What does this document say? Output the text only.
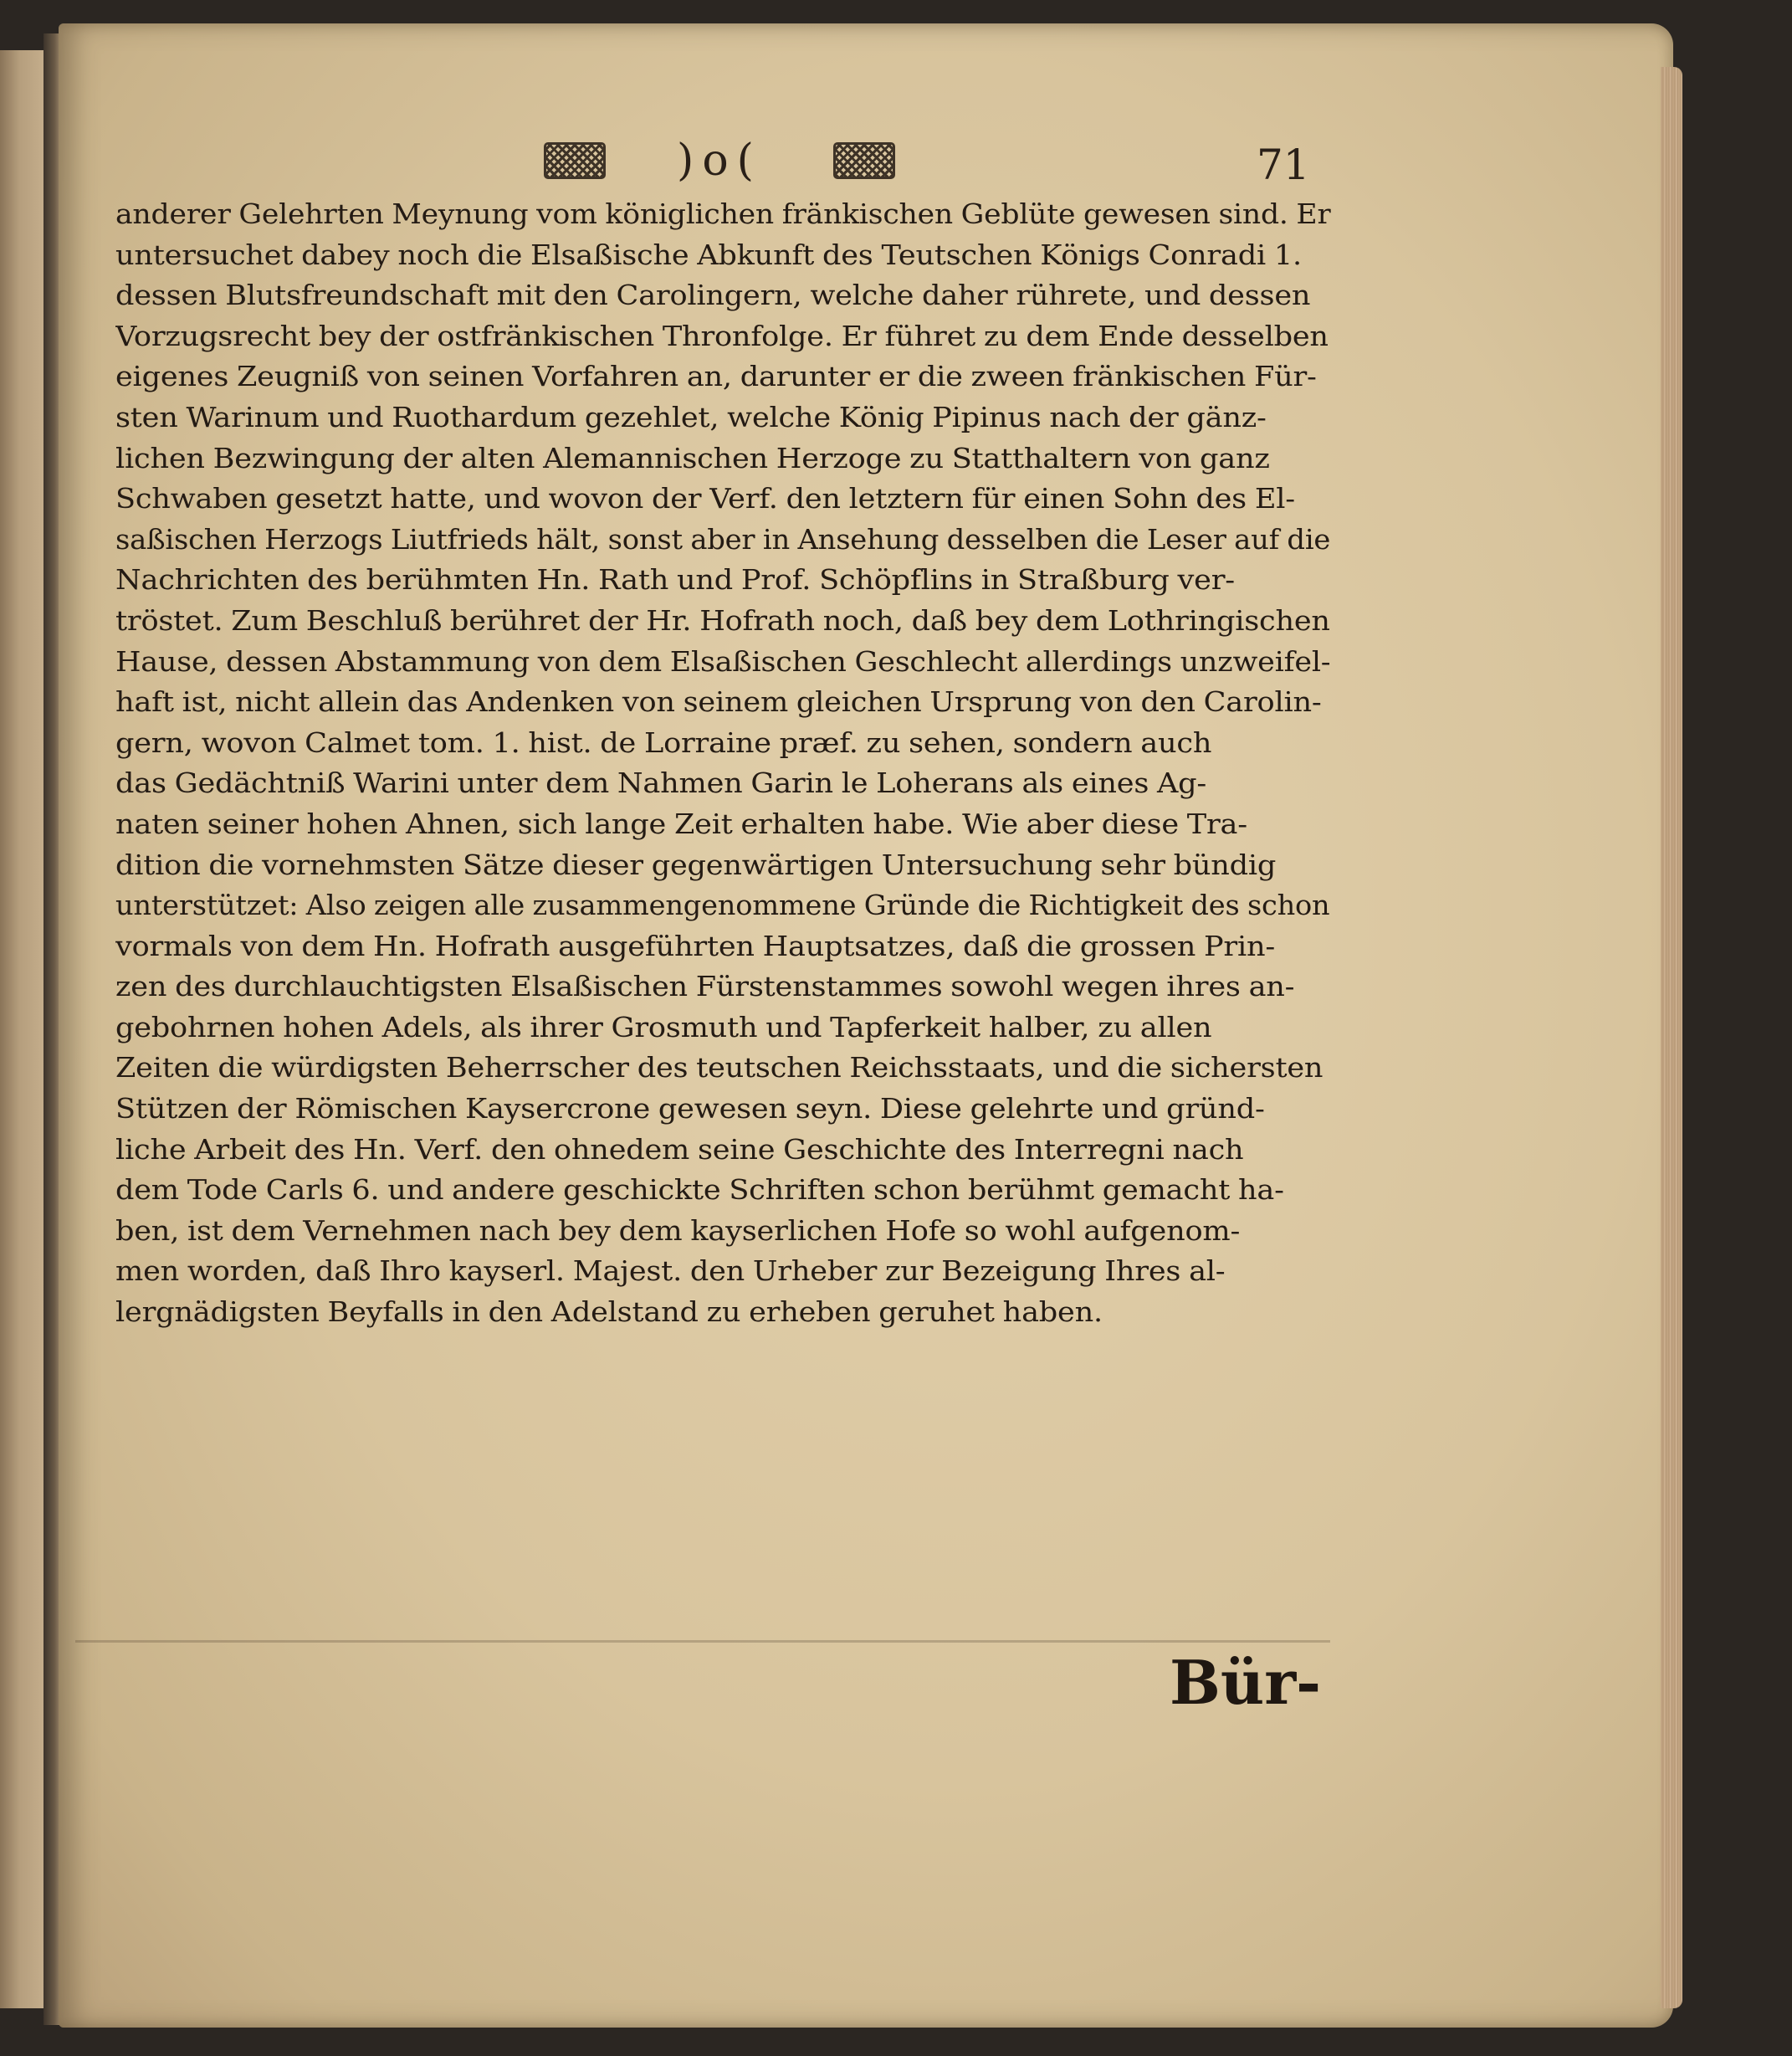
)o(	71

anderer Gelehrten Meynung vom königlichen fränkischen Geblüte gewesen sind. Er
untersuchet dabey noch die Elsaßische Abkunft des Teutschen Königs Conradi 1.
dessen Blutsfreundschaft mit den Carolingern, welche daher rührete, und dessen
Vorzugsrecht bey der ostfränkischen Thronfolge. Er führet zu dem Ende desselben
eigenes Zeugniß von seinen Vorfahren an, darunter er die zween fränkischen Für-
sten Warinum und Ruothardum gezehlet, welche König Pipinus nach der gänz-
lichen Bezwingung der alten Alemannischen Herzoge zu Statthaltern von ganz
Schwaben gesetzt hatte, und wovon der Verf. den letztern für einen Sohn des El-
saßischen Herzogs Liutfrieds hält, sonst aber in Ansehung desselben die Leser auf die
Nachrichten des berühmten Hn. Rath und Prof. Schöpflins in Straßburg ver-
tröstet. Zum Beschluß berühret der Hr. Hofrath noch, daß bey dem Lothringischen
Hause, dessen Abstammung von dem Elsaßischen Geschlecht allerdings unzweifel-
haft ist, nicht allein das Andenken von seinem gleichen Ursprung von den Carolin-
gern, wovon Calmet tom. 1. hist. de Lorraine præf. zu sehen, sondern auch
das Gedächtniß Warini unter dem Nahmen Garin le Loherans als eines Ag-
naten seiner hohen Ahnen, sich lange Zeit erhalten habe. Wie aber diese Tra-
dition die vornehmsten Sätze dieser gegenwärtigen Untersuchung sehr bündig
unterstützet: Also zeigen alle zusammengenommene Gründe die Richtigkeit des schon
vormals von dem Hn. Hofrath ausgeführten Hauptsatzes, daß die grossen Prin-
zen des durchlauchtigsten Elsaßischen Fürstenstammes sowohl wegen ihres an-
gebohrnen hohen Adels, als ihrer Grosmuth und Tapferkeit halber, zu allen
Zeiten die würdigsten Beherrscher des teutschen Reichsstaats, und die sichersten
Stützen der Römischen Kaysercrone gewesen seyn. Diese gelehrte und gründ-
liche Arbeit des Hn. Verf. den ohnedem seine Geschichte des Interregni nach
dem Tode Carls 6. und andere geschickte Schriften schon berühmt gemacht ha-
ben, ist dem Vernehmen nach bey dem kayserlichen Hofe so wohl aufgenom-
men worden, daß Ihro kayserl. Majest. den Urheber zur Bezeigung Ihres al-
lergnädigsten Beyfalls in den Adelstand zu erheben geruhet haben.

Bür-
